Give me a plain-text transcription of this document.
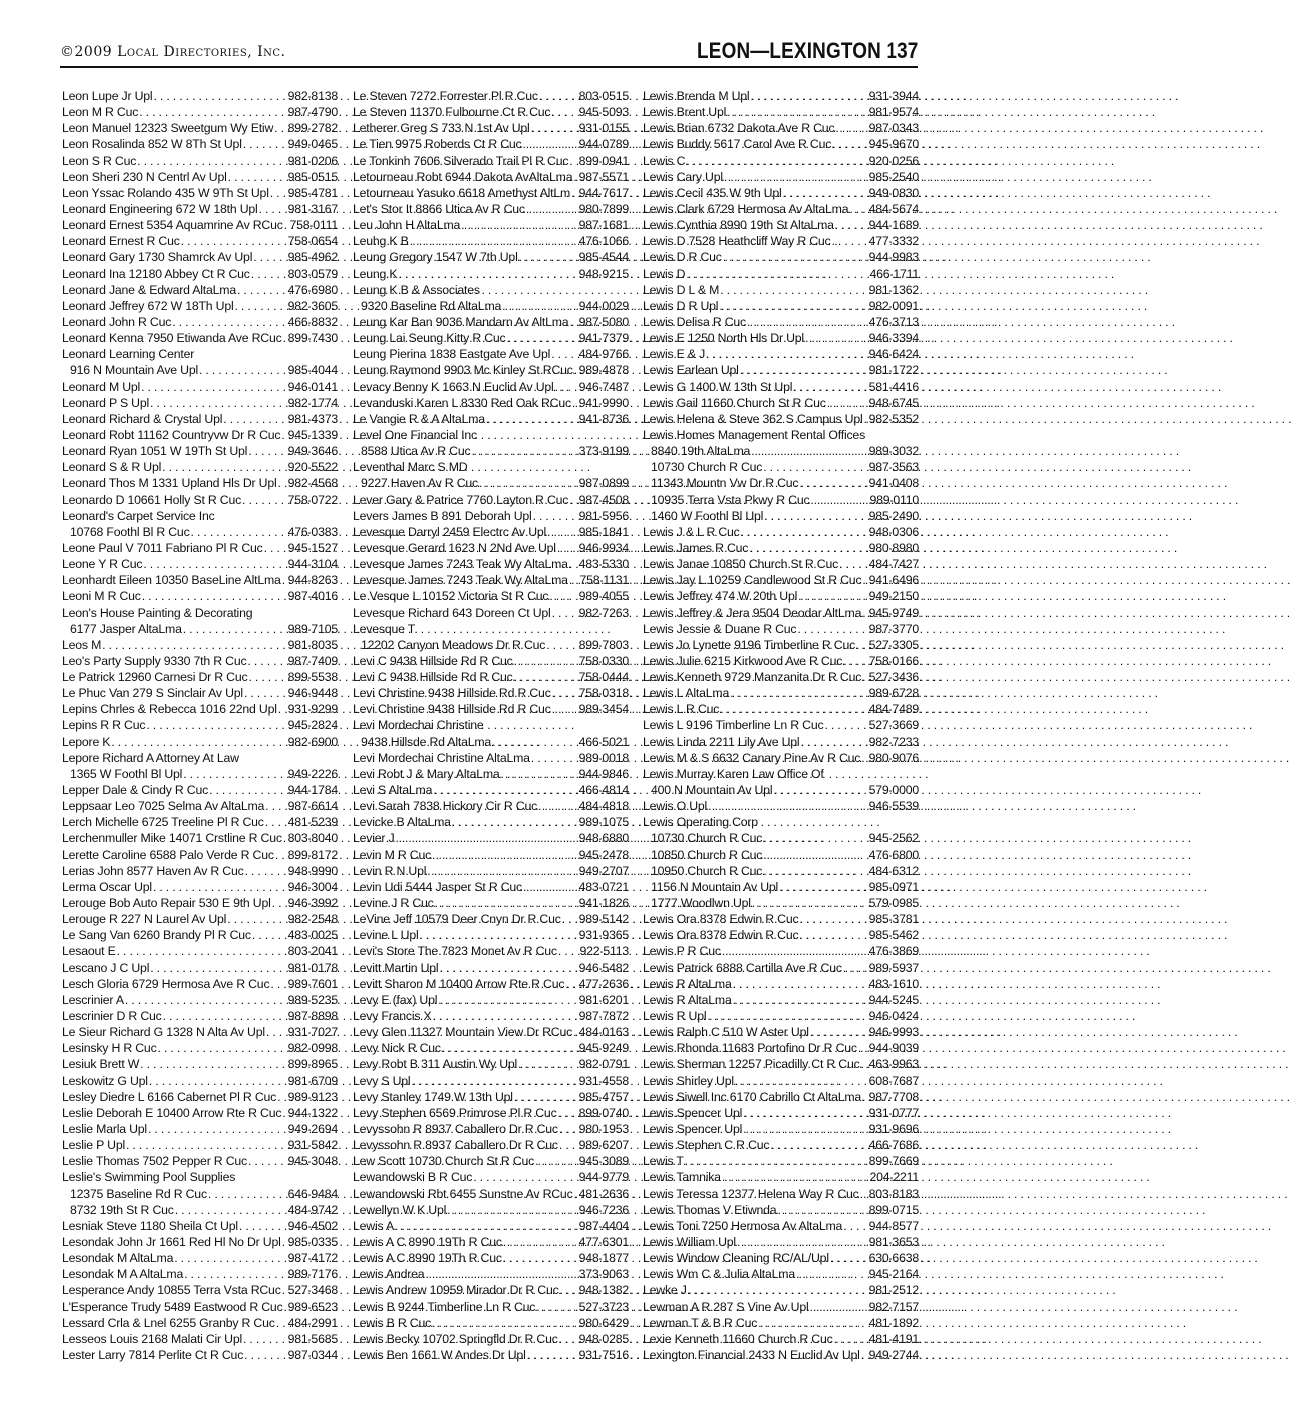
©2009 Local Directories, Inc.	LEON—LEXINGTON 137
Leon Lupe Jr Upl . . .	982-8138
Leon M R Cuc . . .	987-4790
Leon Manuel 12323 Sweetgum Wy Etiw . . . 899-2782
Leon Rosalinda 852 W 8Th St Upl . . .	949-0465
Leon S R Cuc . . .	981-0206
Leon Sheri 230 N Centrl Av Upl . . .	985-0515
Leon Yssac Rolando 435 W 9Th St Upl . . . 985-4781
Leonard Engineering 672 W 18th Upl . . . 981-3167
Leonard Ernest 5354 Aquamrine Av RCuc . . . 758-0111
Leonard Ernest R Cuc . . .	758-0654
Leonard Gary 1730 Shamrck Av Upl . . .	985-4962
Leonard Ina 12180 Abbey Ct R Cuc . . .	803-0579
Leonard Jane & Edward AltaLma . . .	476-6980
Leonard Jeffrey 672 W 18Th Upl . . .	982-3605
Leonard John R Cuc . . .	466-8832
Leonard Kenna 7950 Etiwanda Ave RCuc . . . 899-7430
Leonard Learning Center
916 N Mountain Ave Upl . . .	985-4044
Leonard M Upl . . .	946-0141
Leonard P S Upl . . .	982-1774
Leonard Richard & Crystal Upl . . .	981-4373
Leonard Robt 11162 Countryvw Dr R Cuc . . . 945-1339
Leonard Ryan 1051 W 19Th St Upl . . .	949-3646
Leonard S & R Upl . . .	920-5522
Leonard Thos M 1331 Upland Hls Dr Upl . . . 982-4568
Leonardo D 10661 Holly St R Cuc . . .	758-0722
Leonard's Carpet Service Inc
10768 Foothl Bl R Cuc . . .	476-0383
Leone Paul V 7011 Fabriano Pl R Cuc . . . 945-1527
Leone Y R Cuc . . .	944-3104
Leonhardt Eileen 10350 BaseLine AltLma . . . 944-8263
Leoni M R Cuc . . .	987-4016
Leon's House Painting & Decorating
6177 Jasper AltaLma . . .	989-7105
Leos M . . .	981-8035
Leo's Party Supply 9330 7th R Cuc . . .	987-7409
Le Patrick 12960 Carnesi Dr R Cuc . . .	899-5538
Le Phuc Van 279 S Sinclair Av Upl . . .	946-9448
Lepins Chrles & Rebecca 1016 22nd Upl . . . 931-9299
Lepins R R Cuc . . .	945-2824
Lepore K . . .	982-6900
Lepore Richard A Attorney At Law
1365 W Foothl Bl Upl . . .	949-2226
Lepper Dale & Cindy R Cuc . . .	944-1784
Leppsaar Leo 7025 Selma Av AltaLma . . . 987-6614
Lerch Michelle 6725 Treeline Pl R Cuc . . . 481-5239
Lerchenmuller Mike 14071 Crstline R Cuc . . . 803-8040
Lerette Caroline 6588 Palo Verde R Cuc . . . 899-8172
Lerias John 8577 Haven Av R Cuc . . .	948-9990
Lerma Oscar Upl . . .	946-3004
Lerouge Bob Auto Repair 530 E 9th Upl . . . 946-3992
Lerouge R 227 N Laurel Av Upl . . .	982-2548
Le Sang Van 6260 Brandy Pl R Cuc . . .	483-0025
Lesaout E . . .	803-2041
Lescano J C Upl . . .	981-0178
Lesch Gloria 6729 Hermosa Ave R Cuc . . . 989-7601
Lescrinier A . . .	989-5235
Lescrinier D R Cuc . . .	987-8898
Le Sieur Richard G 1328 N Alta Av Upl . . . 931-7027
Lesinsky H R Cuc . . .	982-0998
Lesiuk Brett W . . .	899-8965
Leskowitz G Upl . . .	981-6709
Lesley Diedre L 6166 Cabernet Pl R Cuc . . . 989-9123
Leslie Deborah E 10400 Arrow Rte R Cuc . . . 944-1322
Leslie Marla Upl . . .	949-2694
Leslie P Upl . . .	931-5842
Leslie Thomas 7502 Pepper R Cuc . . .	945-3048
Leslie's Swimming Pool Supplies
12375 Baseline Rd R Cuc . . .	646-9484
8732 19th St R Cuc . . .	484-9742
Lesniak Steve 1180 Sheila Ct Upl . . .	946-4502
Lesondak John Jr 1661 Red Hl No Dr Upl . . . 985-0335
Lesondak M AltaLma . . .	987-4172
Lesondak M A AltaLma . . .	989-7176
Lesperance Andy 10855 Terra Vsta RCuc . . . 527-3468
L'Esperance Trudy 5489 Eastwood R Cuc . . . 989-6523
Lessard Crla & Lnel 6255 Granby R Cuc . . . 484-2991
Lesseos Louis 2168 Malati Cir Upl . . .	981-5685
Lester Larry 7814 Perlite Ct R Cuc . . .	987-0344
Le Steven 7272 Forrester Pl R Cuc . . .	803-0515
Le Steven 11370 Fulbourne Ct R Cuc . . . 945-5093
Letherer Greg S 733 N 1st Av Upl . . .	931-0155
Le Tien 9975 Roberds Ct R Cuc . . .	944-0789
Le Tonkinh 7606 Silverado Trail Pl R Cuc . . . 899-0941
Letourneau Robt 6944 Dakota AvAltaLma . . . 987-5571
Letourneau Yasuko 6618 Amethyst AltLm . . . 944-7617
Let's Stor It 8866 Utica Av R Cuc . . .	980-7899
Leu John H AltaLma . . .	987-1681
Leuhg K B . . .	476-1066
Leung Gregory 1547 W 7th Upl . . .	985-4544
Leung K . . .	948-9215
Leung K B & Associates
9320 Baseline Rd AltaLma . . .	944-0029
Leung Kar Ban 9036 Mandarn Av AltLma . . . 987-5080
Leung Lai Seung Kitty R Cuc . . .	941-7379
Leung Pierina 1838 Eastgate Ave Upl . . . 484-9766
Leung Raymond 9903 Mc Kinley St RCuc . . . 989-4878
Levacy Benny K 1663 N Euclid Av Upl . . . 946-7487
Levanduski Karen L 8330 Red Oak RCuc . . . 941-9990
Le Vangie R & A AltaLma . . .	941-8736
Level One Financial Inc
8588 Utica Av R Cuc . . .	373-9199
Leventhal Marc S MD
9227 Haven Av R Cuc . . .	987-0899
Lever Gary & Patrice 7760 Layton R Cuc . . . 987-4508
Levers James B 891 Deborah Upl . . .	981-5956
Levesque Darryl 2459 Electrc Av Upl . . .	985-1841
Levesque Gerard 1623 N 2Nd Ave Upl . . . 946-9934
Levesque James 7243 Teak Wy AltaLma . . . 483-5330
Levesque James 7243 Teak Wy AltaLma . . . 758-1131
Le Vesque L 10152 Victoria St R Cuc . . . 989-4055
Levesque Richard 643 Doreen Ct Upl . . . 982-7263
Levesque T
12202 Canyon Meadows Dr R Cuc . . .	899-7803
Levi C 9438 Hillside Rd R Cuc . . .	758-0330
Levi C 9438 Hillside Rd R Cuc . . .	758-0444
Levi Christine 9438 Hillside Rd R Cuc . . . 758-0318
Levi Christine 9438 Hillside Rd R Cuc . . . 989-3454
Levi Mordechai Christine
9438 Hillsde Rd AltaLma . . .	466-5021
Levi Mordechai Christine AltaLma . . .	989-0018
Levi Robt J & Mary AltaLma . . .	944-9846
Levi S AltaLma . . .	466-4814
Levi Sarah 7838 Hickory Cir R Cuc . . .	484-4818
Levicke B AltaLma . . .	989-1075
Levier J . . .	948-6880
Levin M R Cuc . . .	945-2478
Levin R N Upl . . .	949-2707
Levin Udi 5444 Jasper St R Cuc . . .	483-0721
Levine J R Cuc . . .	941-1826
LeVine Jeff 10579 Deer Cnyn Dr R Cuc . . . 989-5142
Levine L Upl . . .	931-9365
Levi's Store The 7823 Monet Av R Cuc . . . 922-5113
Levitt Martin Upl . . .	946-5482
Levitt Sharon M 10400 Arrow Rte R Cuc . . . 477-2636
Levy E (fax) Upl . . .	981-6201
Levy Francis X . . .	987-7872
Levy Glen 11327 Mountain View Dr RCuc . . . 484-0163
Levy Nick R Cuc . . .	945-9249
Levy Robt B 311 Austin Wy Upl . . .	982-0791
Levy S Upl . . .	931-4558
Levy Stanley 1749 W 13th Upl . . .	985-4757
Levy Stephen 6569 Primrose Pl R Cuc . . . 899-0740
Levyssohn R 8937 Caballero Dr R Cuc . . . 980-1953
Levyssohn R 8937 Caballero Dr R Cuc . . . 989-6207
Lew Scott 10730 Church St R Cuc . . .	945-3089
Lewandowski B R Cuc . . .	944-9779
Lewandowski Rbt 6455 Sunstne Av RCuc . . . 481-2636
Lewellyn W K Upl . . .	946-7236
Lewis A . . .	987-4404
Lewis A C 8990 19Th R Cuc . . .	477-6301
Lewis A C 8990 19Th R Cuc . . .	948-1877
Lewis Andrea . . .	373-9063
Lewis Andrew 10959 Mirador Dr R Cuc . . . 948-1382
Lewis B 9244 Timberline Ln R Cuc . . .	527-3723
Lewis B R Cuc . . .	980-6429
Lewis Becky 10702 Springfld Dr R Cuc . . . 948-0285
Lewis Ben 1661 W Andes Dr Upl . . .	931-7516
Lewis Brenda M Upl . . .	931-3944
Lewis Brent Upl . . .	981-9574
Lewis Brian 6732 Dakota Ave R Cuc . . .	987-0343
Lewis Buddy 5617 Carol Ave R Cuc . . .	945-9670
Lewis C . . .	920-0256
Lewis Cary Upl . . .	985-2540
Lewis Cecil 435 W 9th Upl . . .	949-0830
Lewis Clark 6729 Hermosa Av AltaLma . . . 484-5674
Lewis Cynthia 8990 19th St AltaLma . . .	944-1689
Lewis D 7528 Heathcliff Way R Cuc . . .	477-3332
Lewis D R Cuc . . .	944-9983
Lewis D . . .	466-1711
Lewis D L & M . . .	981-1362
Lewis D R Upl . . .	982-0091
Lewis Delisa R Cuc . . .	476-3713
Lewis E 1250 North Hls Dr Upl . . .	946-3394
Lewis E & J . . .	946-6424
Lewis Earlean Upl . . .	981-1722
Lewis G 1400 W 13th St Upl . . .	581-4416
Lewis Gail 11660 Church St R Cuc . . .	948-6745
Lewis Helena & Steve 362 S Campus Upl . . . 982-5352
Lewis Homes Management Rental Offices
8840 19th AltaLma . . .	989-3032
10730 Church R Cuc . . .	987-3563
11343 Mountn Vw Dr R Cuc . . .	941-0408
10935 Terra Vsta Pkwy R Cuc . . .	989-0110
1460 W Foothl Bl Upl . . .	985-2490
Lewis J & L R Cuc . . .	948-0306
Lewis James R Cuc . . .	980-8980
Lewis Janae 10850 Church St R Cuc . . . 484-7427
Lewis Jay L 10259 Candlewood St R Cuc . . . 941-6496
Lewis Jeffrey 474 W 20th Upl . . .	949-2150
Lewis Jeffrey & Jera 9504 Deodar AltLma . . . 945-9749
Lewis Jessie & Duane R Cuc . . .	987-3770
Lewis Jo Lynette 9196 Timberline R Cuc . . . 527-3305
Lewis Julie 6215 Kirkwood Ave R Cuc . . . 758-0166
Lewis Kenneth 9729 Manzanita Dr R Cuc . . . 527-3436
Lewis L AltaLma . . .	989-6728
Lewis L R Cuc . . .	484-7489
Lewis L 9196 Timberline Ln R Cuc . . .	527-3669
Lewis Linda 2211 Lily Ave Upl . . .	982-7233
Lewis M & S 6632 Canary Pine Av R Cuc . . . 980-9076
Lewis Murray Karen Law Office Of
400 N Mountain Av Upl . . .	579-0000
Lewis O Upl . . .	946-5539
Lewis Operating Corp
10730 Church R Cuc . . .	945-2562
10850 Church R Cuc . . .	476-6800
10950 Church R Cuc . . .	484-6312
1156 N Mountain Av Upl . . .	985-0971
1777 Woodlwn Upl . . .	579-0985
Lewis Ora 8378 Edwin R Cuc . . .	985-3781
Lewis Ora 8378 Edwin R Cuc . . .	985-5462
Lewis P R Cuc . . .	476-3869
Lewis Patrick 6888 Cartilla Ave R Cuc . . . 989-5937
Lewis R AltaLma . . .	483-1610
Lewis R AltaLma . . .	944-5245
Lewis R Upl . . .	946-0424
Lewis Ralph C 510 W Aster Upl . . .	946-9993
Lewis Rhonda 11683 Portofino Dr R Cuc . . . 944-9039
Lewis Sherman 12257 Picadilly Ct R Cuc . . . 463-9963
Lewis Shirley Upl . . .	608-7687
Lewis Siwell Inc 6170 Cabrillo Ct AltaLma . . . 987-7708
Lewis Spencer Upl . . .	931-0777
Lewis Spencer Upl . . .	931-9696
Lewis Stephen C R Cuc . . .	466-7686
Lewis T . . .	899-7669
Lewis Tamnika . . .	204-2211
Lewis Teressa 12377 Helena Way R Cuc . . . 803-8183
Lewis Thomas V Etiwnda . . .	899-0715
Lewis Toni 7250 Hermosa Av AltaLma . . . 944-8577
Lewis William Upl . . .	981-3653
Lewis Window Cleaning RC/AL/Upl . . .	630-6638
Lewis Wm C & Julia AltaLma . . .	945-2164
Lewke J . . .	981-2512
Lewman A R 287 S Vine Av Upl . . .	982-7157
Lewman T & B R Cuc . . .	481-1892
Lexie Kenneth 11660 Church R Cuc . . .	481-4191
Lexington Financial 2433 N Euclid Av Upl . . . 949-2744
